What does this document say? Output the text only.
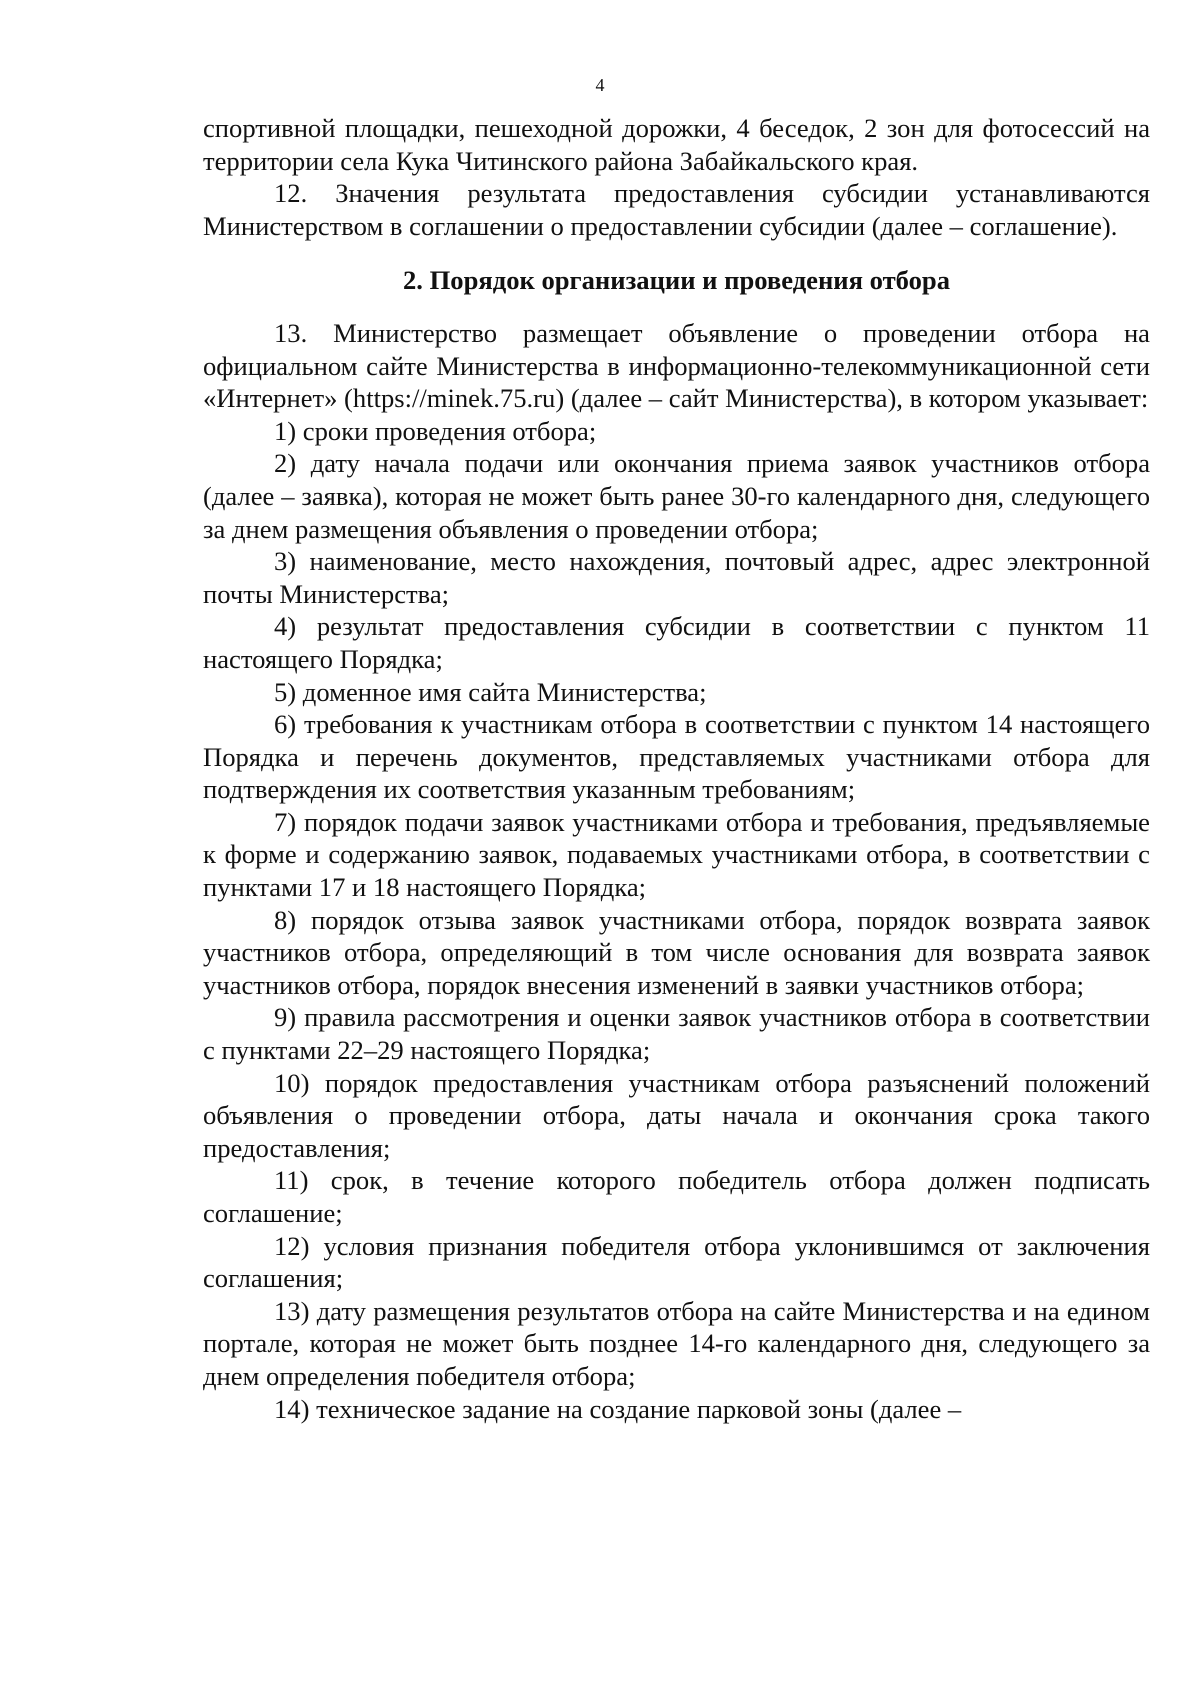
4

спортивной площадки, пешеходной дорожки, 4 беседок, 2 зон для фотосессий на территории села Кука Читинского района Забайкальского края.

12. Значения результата предоставления субсидии устанавливаются Министерством в соглашении о предоставлении субсидии (далее – соглашение).

2. Порядок организации и проведения отбора

13. Министерство размещает объявление о проведении отбора на официальном сайте Министерства в информационно-телекоммуникационной сети «Интернет» (https://minek.75.ru) (далее – сайт Министерства), в котором указывает:

1) сроки проведения отбора;

2) дату начала подачи или окончания приема заявок участников отбора (далее – заявка), которая не может быть ранее 30-го календарного дня, следующего за днем размещения объявления о проведении отбора;

3) наименование, место нахождения, почтовый адрес, адрес электронной почты Министерства;

4) результат предоставления субсидии в соответствии с пунктом 11 настоящего Порядка;

5) доменное имя сайта Министерства;

6) требования к участникам отбора в соответствии с пунктом 14 настоящего Порядка и перечень документов, представляемых участниками отбора для подтверждения их соответствия указанным требованиям;

7) порядок подачи заявок участниками отбора и требования, предъявляемые к форме и содержанию заявок, подаваемых участниками отбора, в соответствии с пунктами 17 и 18 настоящего Порядка;

8) порядок отзыва заявок участниками отбора, порядок возврата заявок участников отбора, определяющий в том числе основания для возврата заявок участников отбора, порядок внесения изменений в заявки участников отбора;

9) правила рассмотрения и оценки заявок участников отбора в соответствии с пунктами 22–29 настоящего Порядка;

10) порядок предоставления участникам отбора разъяснений положений объявления о проведении отбора, даты начала и окончания срока такого предоставления;

11) срок, в течение которого победитель отбора должен подписать соглашение;

12) условия признания победителя отбора уклонившимся от заключения соглашения;

13) дату размещения результатов отбора на сайте Министерства и на едином портале, которая не может быть позднее 14-го календарного дня, следующего за днем определения победителя отбора;

14) техническое задание на создание парковой зоны (далее –
